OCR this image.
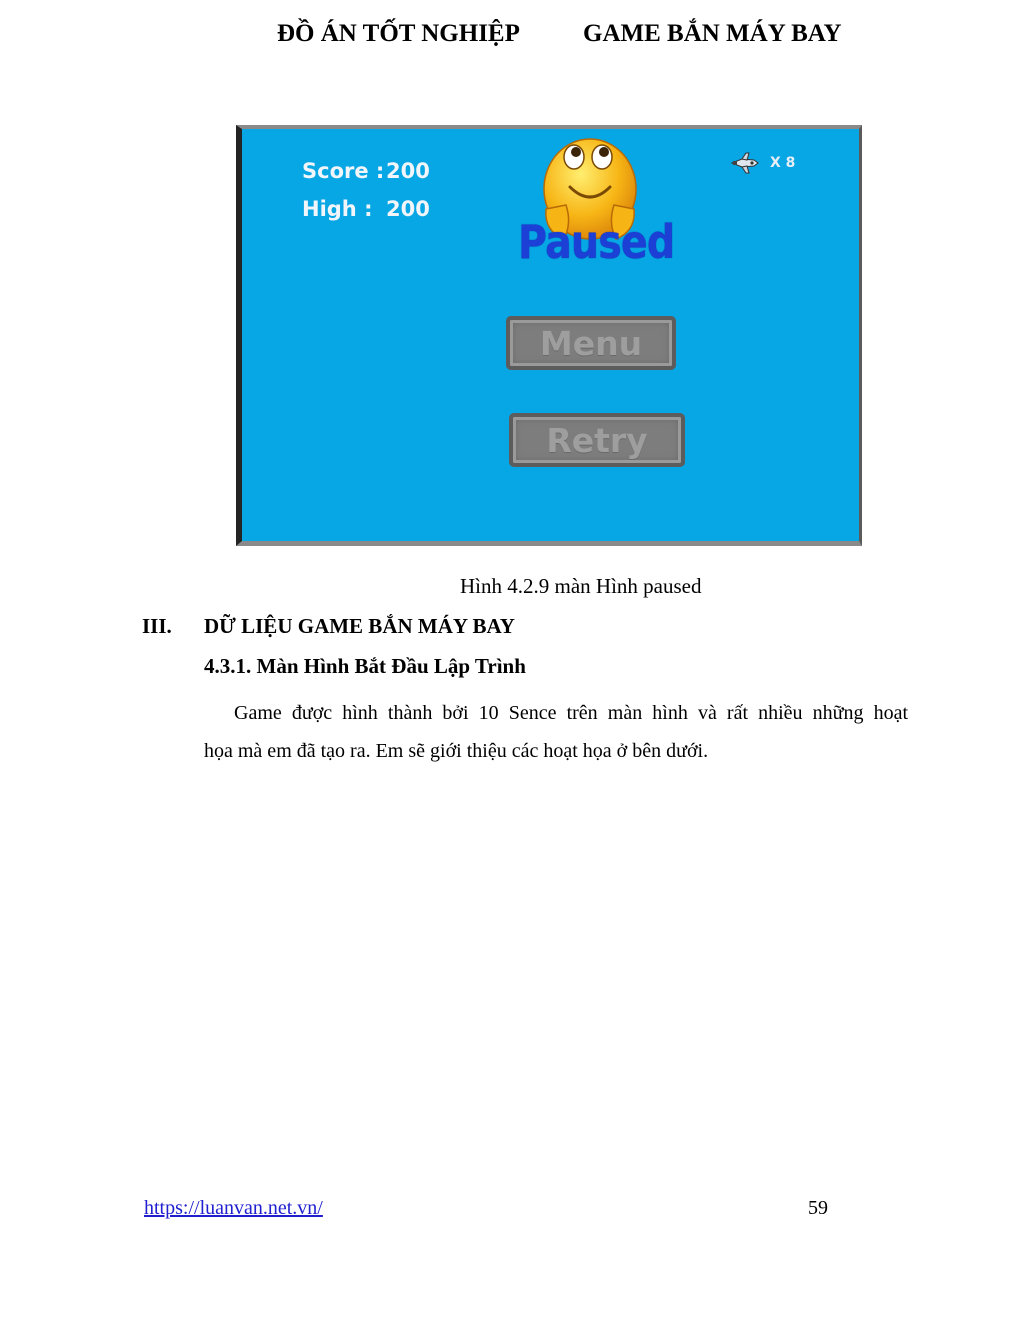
ĐỒ ÁN TỐT NGHIỆP	GAME BẮN MÁY BAY
Score : 200
High : 200
X 8
Paused
Menu
Retry
Hình 4.2.9 màn Hình paused
III. DỮ LIỆU GAME BẮN MÁY BAY
4.3.1. Màn Hình Bắt Đầu Lập Trình
Game được hình thành bởi 10 Sence trên màn hình và rất nhiều những hoạt
họa mà em đã tạo ra. Em sẽ giới thiệu các hoạt họa ở bên dưới.
https://luanvan.net.vn/	59
